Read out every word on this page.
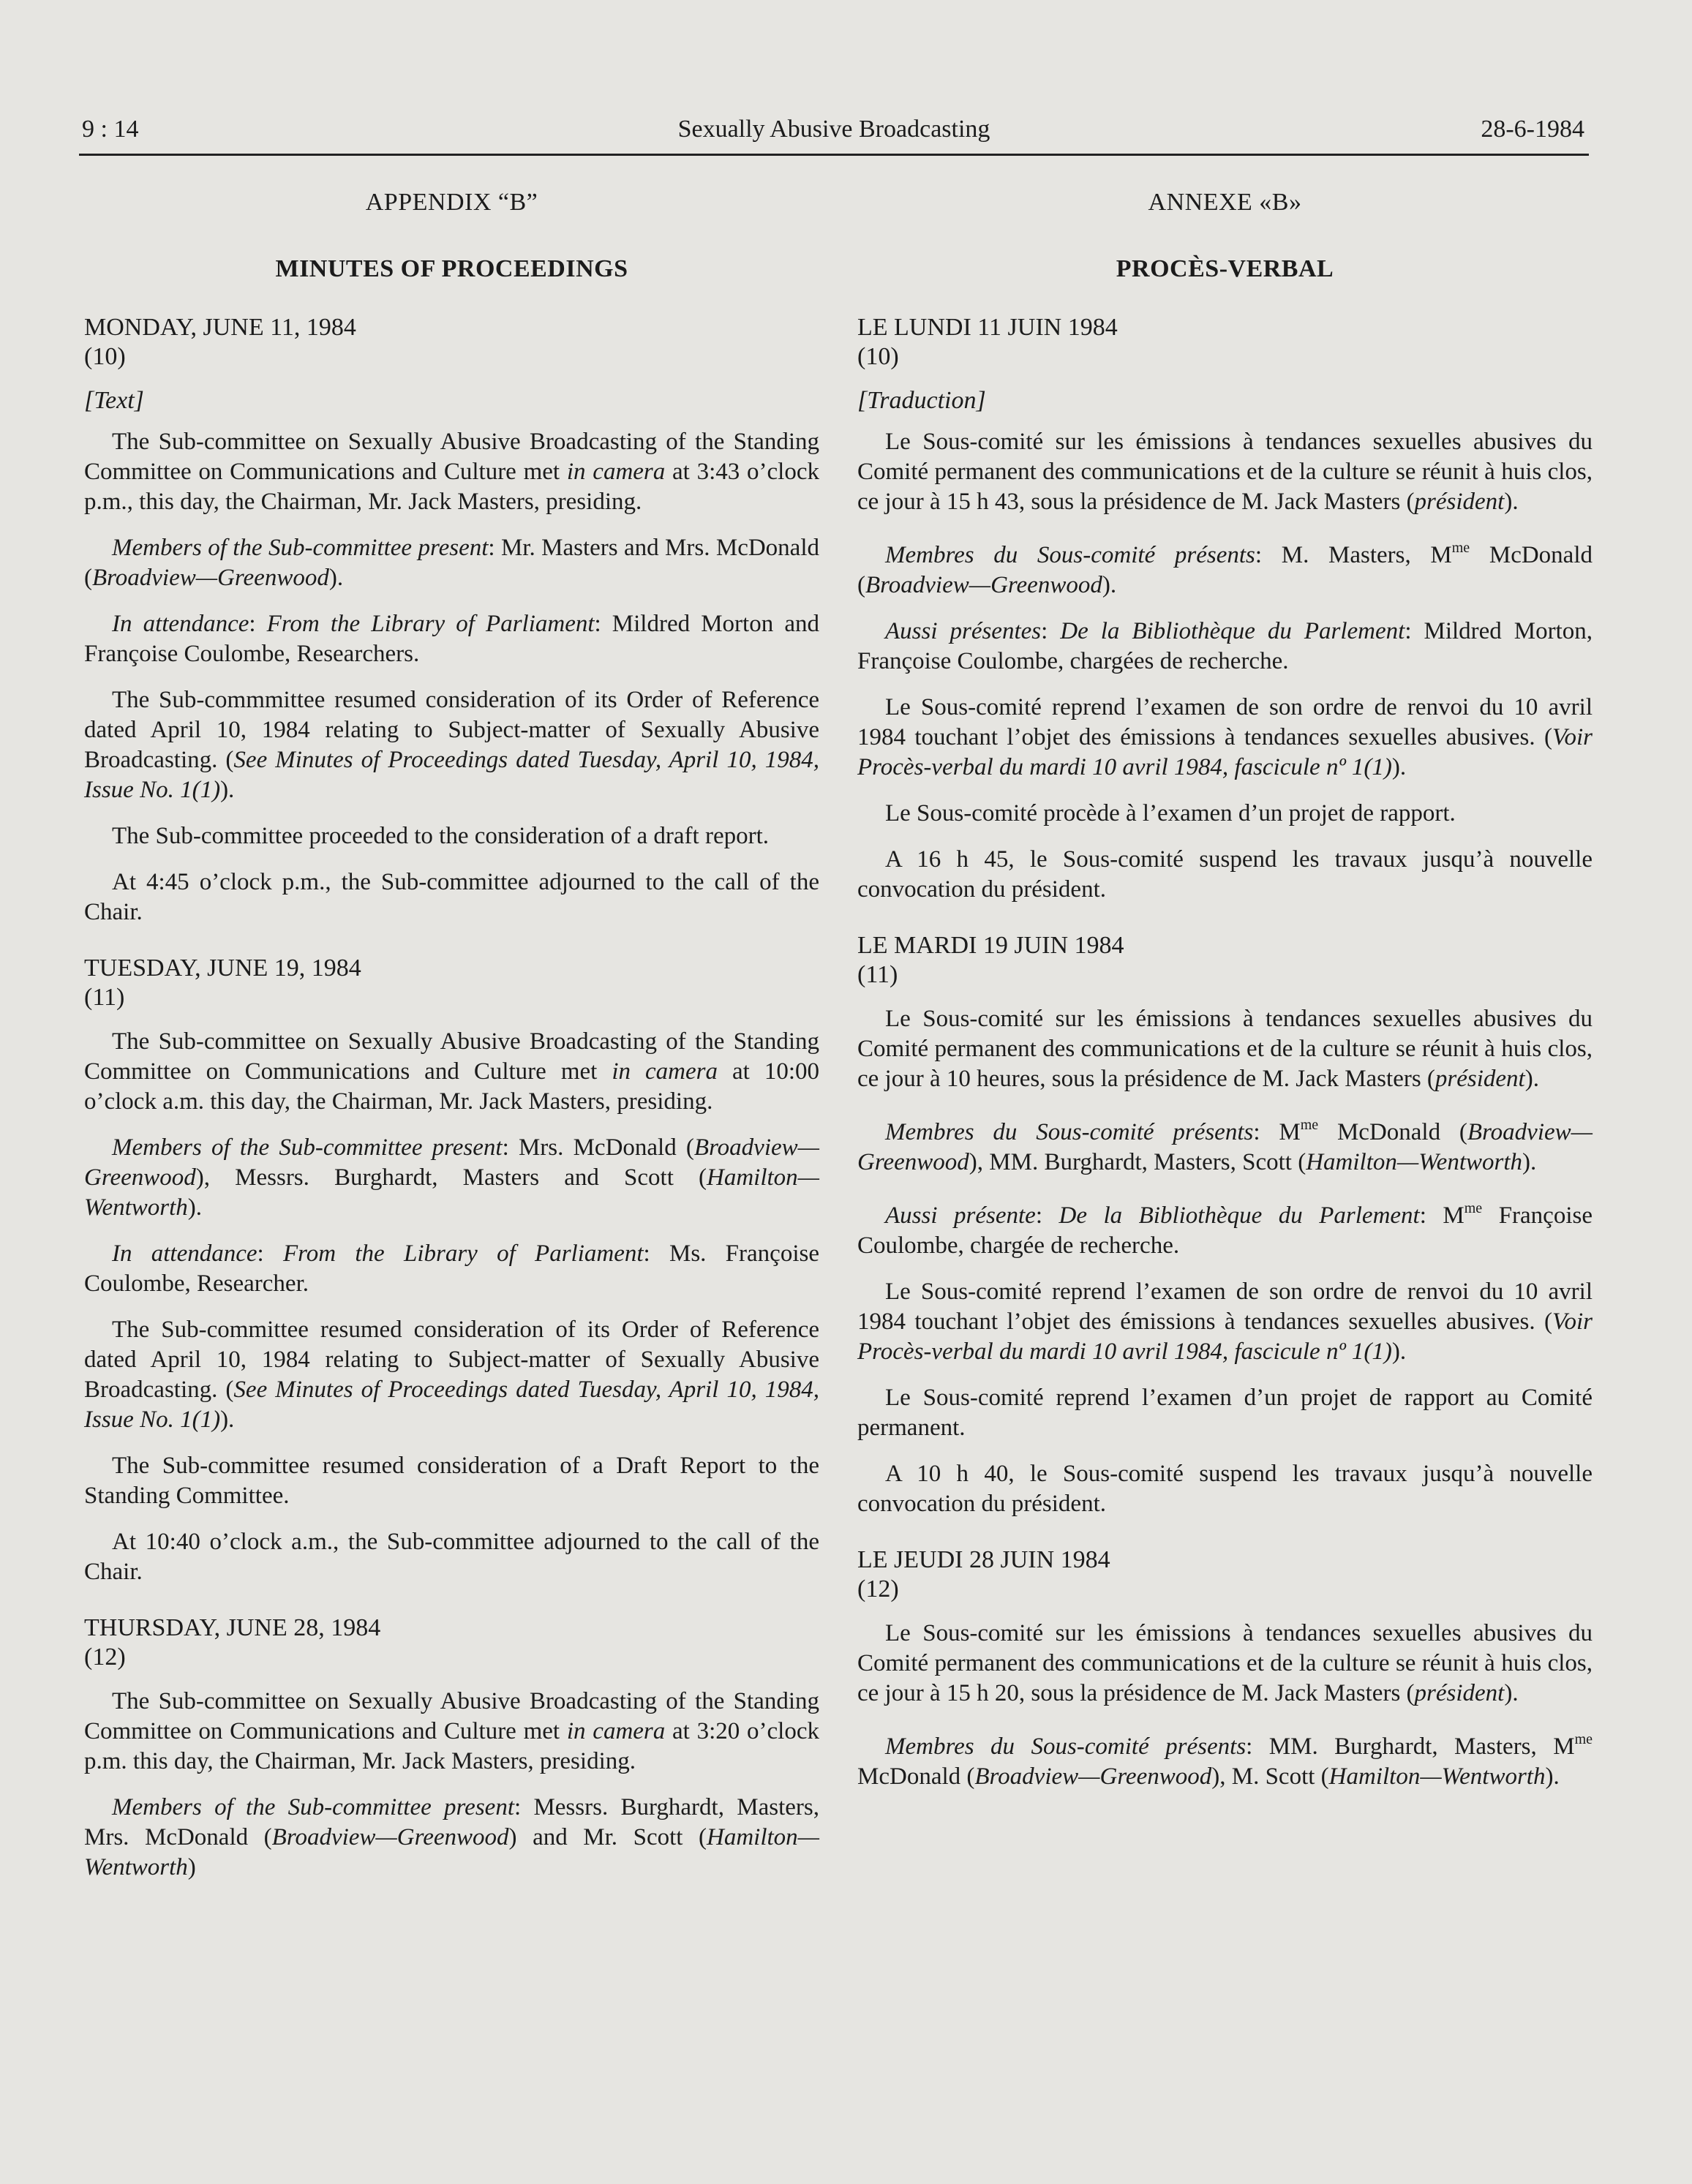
9 : 14	Sexually Abusive Broadcasting	28-6-1984
APPENDIX “B”
MINUTES OF PROCEEDINGS
MONDAY, JUNE 11, 1984
(10)
[Text]

The Sub-committee on Sexually Abusive Broadcasting of the Standing Committee on Communications and Culture met in camera at 3:43 o’clock p.m., this day, the Chairman, Mr. Jack Masters, presiding.

Members of the Sub-committee present: Mr. Masters and Mrs. McDonald (Broadview—Greenwood).

In attendance: From the Library of Parliament: Mildred Morton and Françoise Coulombe, Researchers.

The Sub-commmittee resumed consideration of its Order of Reference dated April 10, 1984 relating to Subject-matter of Sexually Abusive Broadcasting. (See Minutes of Proceedings dated Tuesday, April 10, 1984, Issue No. 1(1)).

The Sub-committee proceeded to the consideration of a draft report.

At 4:45 o’clock p.m., the Sub-committee adjourned to the call of the Chair.

TUESDAY, JUNE 19, 1984
(11)

The Sub-committee on Sexually Abusive Broadcasting of the Standing Committee on Communications and Culture met in camera at 10:00 o’clock a.m. this day, the Chairman, Mr. Jack Masters, presiding.

Members of the Sub-committee present: Mrs. McDonald (Broadview—Greenwood), Messrs. Burghardt, Masters and Scott (Hamilton—Wentworth).

In attendance: From the Library of Parliament: Ms. Françoise Coulombe, Researcher.

The Sub-committee resumed consideration of its Order of Reference dated April 10, 1984 relating to Subject-matter of Sexually Abusive Broadcasting. (See Minutes of Proceedings dated Tuesday, April 10, 1984, Issue No. 1(1)).

The Sub-committee resumed consideration of a Draft Report to the Standing Committee.

At 10:40 o’clock a.m., the Sub-committee adjourned to the call of the Chair.

THURSDAY, JUNE 28, 1984
(12)

The Sub-committee on Sexually Abusive Broadcasting of the Standing Committee on Communications and Culture met in camera at 3:20 o’clock p.m. this day, the Chairman, Mr. Jack Masters, presiding.

Members of the Sub-committee present: Messrs. Burghardt, Masters, Mrs. McDonald (Broadview—Greenwood) and Mr. Scott (Hamilton—Wentworth)

ANNEXE «B»
PROCÈS-VERBAL
LE LUNDI 11 JUIN 1984
(10)
[Traduction]

Le Sous-comité sur les émissions à tendances sexuelles abusives du Comité permanent des communications et de la culture se réunit à huis clos, ce jour à 15 h 43, sous la présidence de M. Jack Masters (président).

Membres du Sous-comité présents: M. Masters, $M^{me}$ McDonald (Broadview—Greenwood).

Aussi présentes: De la Bibliothèque du Parlement: Mildred Morton, Françoise Coulombe, chargées de recherche.

Le Sous-comité reprend l’examen de son ordre de renvoi du 10 avril 1984 touchant l’objet des émissions à tendances sexuelles abusives. (Voir Procès-verbal du mardi 10 avril 1984, fascicule nº 1(1)).

Le Sous-comité procède à l’examen d’un projet de rapport.

A 16 h 45, le Sous-comité suspend les travaux jusqu’à nouvelle convocation du président.

LE MARDI 19 JUIN 1984
(11)

Le Sous-comité sur les émissions à tendances sexuelles abusives du Comité permanent des communications et de la culture se réunit à huis clos, ce jour à 10 heures, sous la présidence de M. Jack Masters (président).

Membres du Sous-comité présents: $M^{me}$ McDonald (Broadview—Greenwood), MM. Burghardt, Masters, Scott (Hamilton—Wentworth).

Aussi présente: De la Bibliothèque du Parlement: $M^{me}$ Françoise Coulombe, chargée de recherche.

Le Sous-comité reprend l’examen de son ordre de renvoi du 10 avril 1984 touchant l’objet des émissions à tendances sexuelles abusives. (Voir Procès-verbal du mardi 10 avril 1984, fascicule nº 1(1)).

Le Sous-comité reprend l’examen d’un projet de rapport au Comité permanent.

A 10 h 40, le Sous-comité suspend les travaux jusqu’à nouvelle convocation du président.

LE JEUDI 28 JUIN 1984
(12)

Le Sous-comité sur les émissions à tendances sexuelles abusives du Comité permanent des communications et de la culture se réunit à huis clos, ce jour à 15 h 20, sous la présidence de M. Jack Masters (président).

Membres du Sous-comité présents: MM. Burghardt, Masters, $M^{me}$ McDonald (Broadview—Greenwood), M. Scott (Hamilton—Wentworth).
